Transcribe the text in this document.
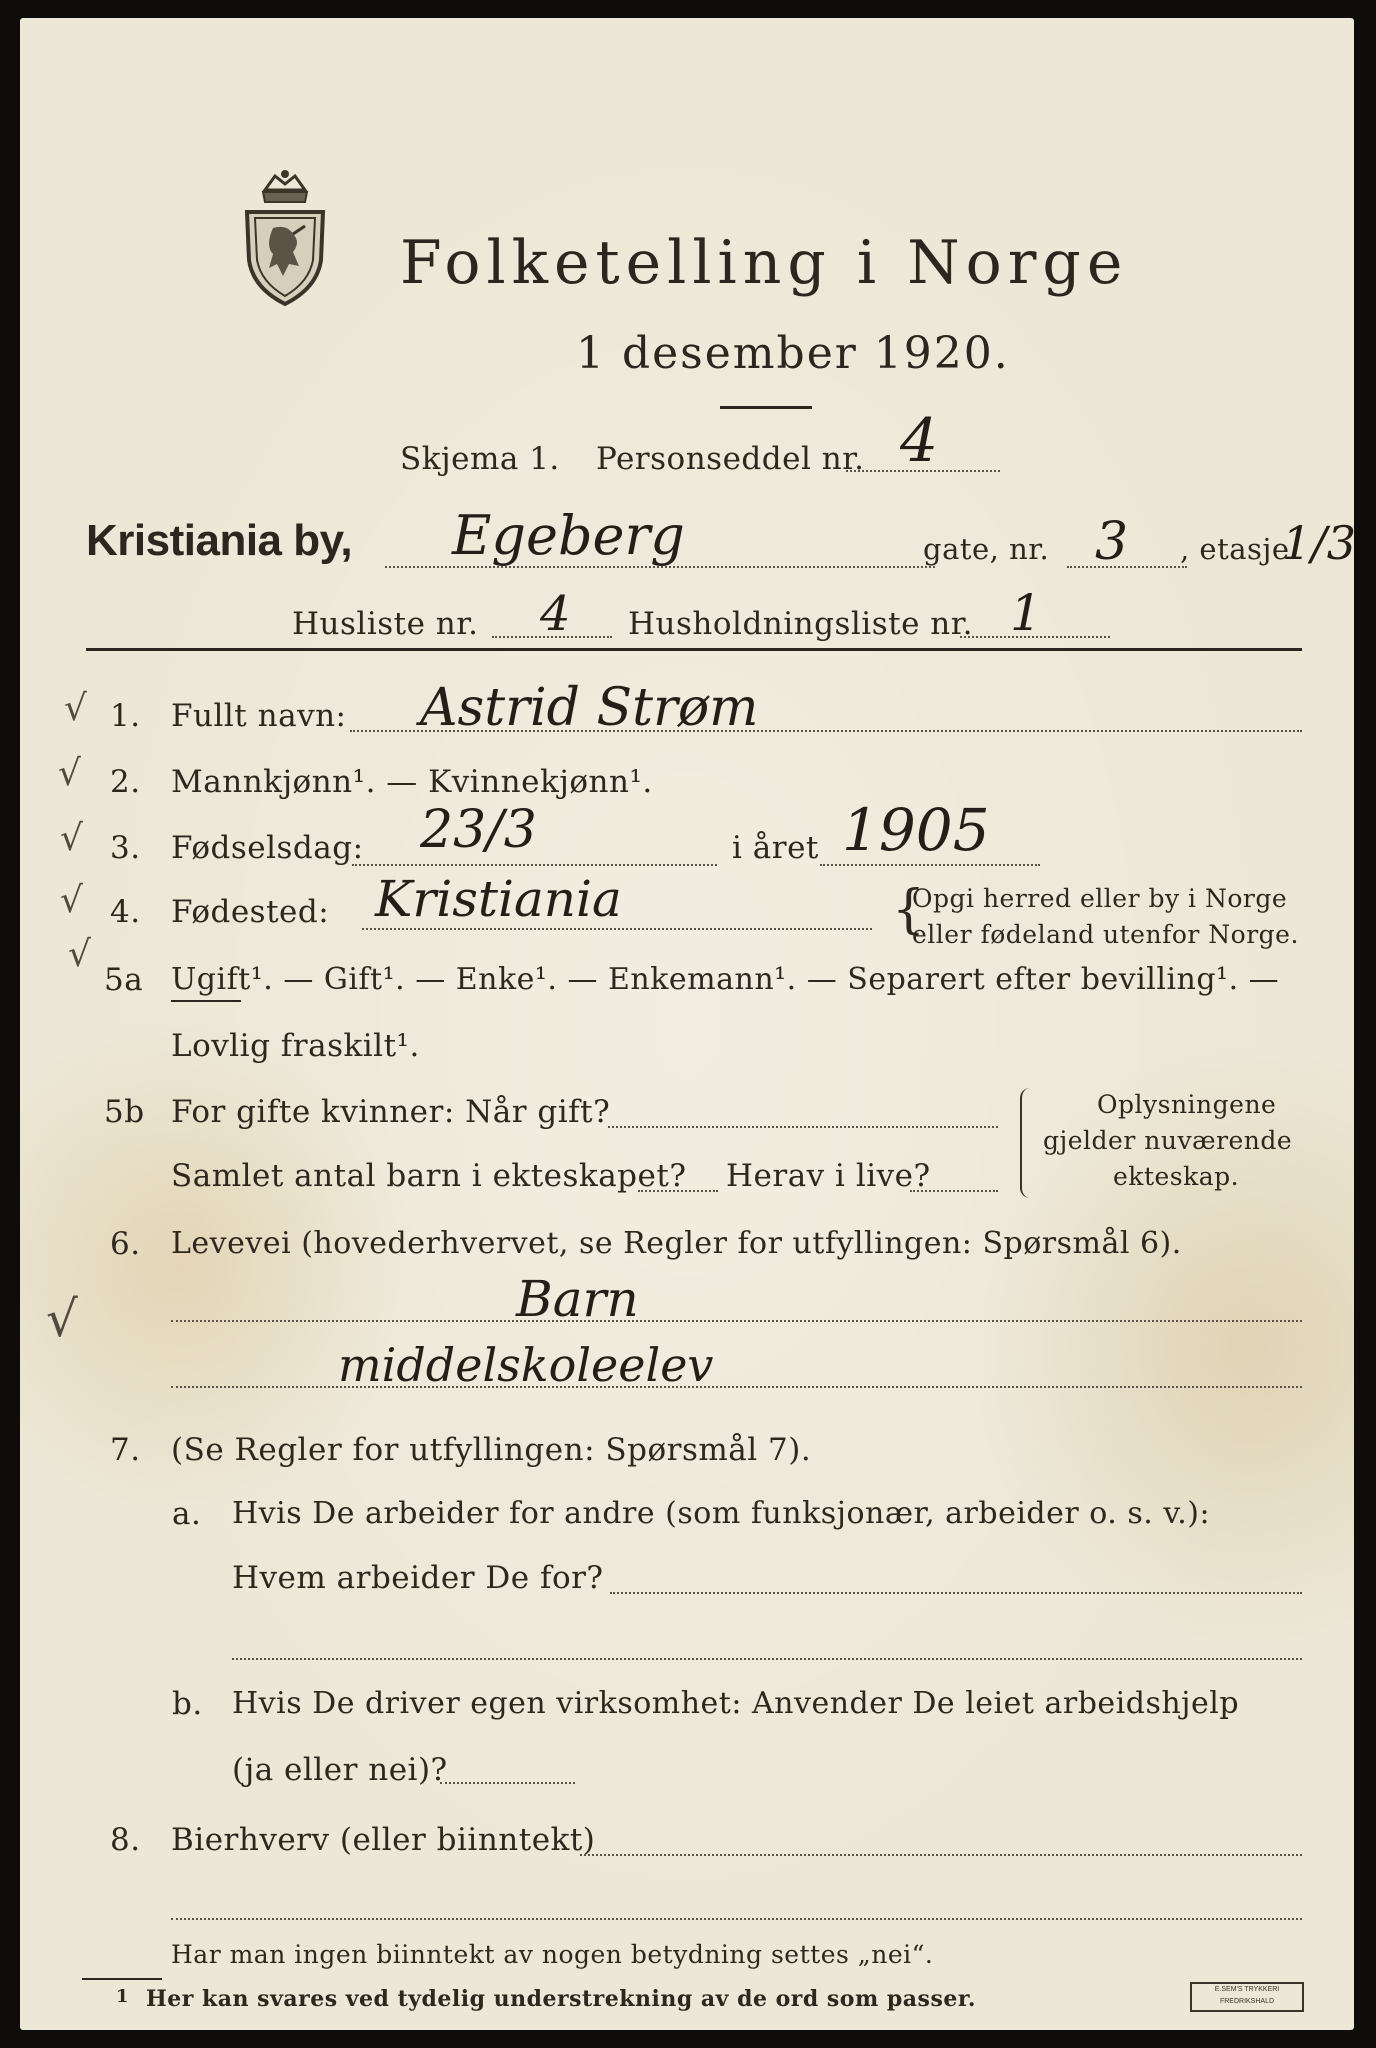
Folketelling i Norge
1 desember 1920.
Skjema 1. Personseddel nr. 4
Kristiania by, Egeberg	gate, nr. 3 , etasje
1/3
Husliste nr. 4 Husholdningsliste nr. 1
√
√
√
√
√
√
1. Fullt navn: Astrid Strøm
2. Mannkjønn¹. — Kvinnekjønn¹.
3. Fødselsdag: 23/3	i året 1905
4. Fødested: Kristiania	{
Opgi herred eller by i Norge
eller fødeland utenfor Norge.
5a Ugift¹. — Gift¹. — Enke¹. — Enkemann¹. — Separert efter bevilling¹. —
Lovlig fraskilt¹.
5b For gifte kvinner: Når gift?
Samlet antal barn i ekteskapet? Herav i live?
Oplysningene
gjelder nuværende
ekteskap.
6. Levevei (hovederhvervet, se Regler for utfyllingen: Spørsmål 6).
Barn
middelskoleelev
7. (Se Regler for utfyllingen: Spørsmål 7).
a. Hvis De arbeider for andre (som funksjonær, arbeider o. s. v.):
Hvem arbeider De for?
b. Hvis De driver egen virksomhet: Anvender De leiet arbeidshjelp
(ja eller nei)?
8. Bierhverv (eller biinntekt)
Har man ingen biinntekt av nogen betydning settes „nei“.
1 Her kan svares ved tydelig understrekning av de ord som passer.	E.SEM'S TRYKKERI FREDRIKSHALD
